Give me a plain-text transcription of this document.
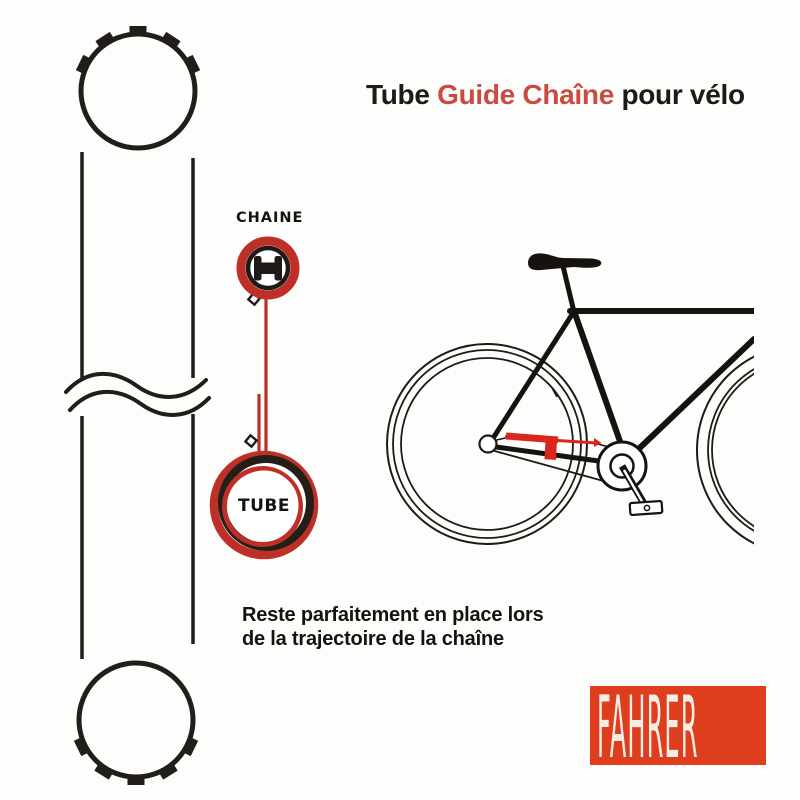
CHAINE
TUBE
FAHRER
Tube Guide Chaîne pour vélo
Reste parfaitement en place lors
de la trajectoire de la chaîne
